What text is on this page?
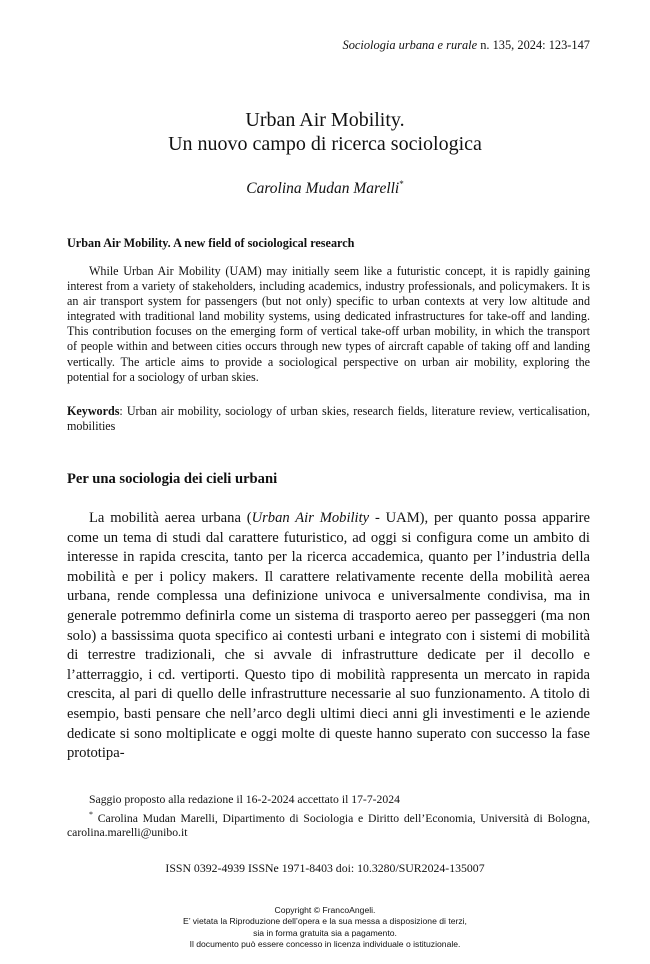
Sociologia urbana e rurale n. 135, 2024: 123-147
Urban Air Mobility.
Un nuovo campo di ricerca sociologica
Carolina Mudan Marelli*
Urban Air Mobility. A new field of sociological research

While Urban Air Mobility (UAM) may initially seem like a futuristic concept, it is rapidly gaining interest from a variety of stakeholders, including academics, industry professionals, and policymakers. It is an air transport system for passengers (but not only) specific to urban contexts at very low altitude and integrated with traditional land mobility systems, using dedicated infrastructures for take-off and landing. This contribution focuses on the emerging form of vertical take-off urban mobility, in which the transport of people within and between cities occurs through new types of aircraft capable of taking off and landing vertically. The article aims to provide a sociological perspective on urban air mobility, exploring the potential for a sociology of urban skies.

Keywords: Urban air mobility, sociology of urban skies, research fields, literature review, verticalisation, mobilities

Per una sociologia dei cieli urbani

La mobilità aerea urbana (Urban Air Mobility - UAM), per quanto possa apparire come un tema di studi dal carattere futuristico, ad oggi si configura come un ambito di interesse in rapida crescita, tanto per la ricerca accademica, quanto per l’industria della mobilità e per i policy makers. Il carattere relativamente recente della mobilità aerea urbana, rende complessa una definizione univoca e universalmente condivisa, ma in generale potremmo definirla come un sistema di trasporto aereo per passeggeri (ma non solo) a bassissima quota specifico ai contesti urbani e integrato con i sistemi di mobilità di terrestre tradizionali, che si avvale di infrastrutture dedicate per il decollo e l’atterraggio, i cd. vertiporti. Questo tipo di mobilità rappresenta un mercato in rapida crescita, al pari di quello delle infrastrutture necessarie al suo funzionamento. A titolo di esempio, basti pensare che nell’arco degli ultimi dieci anni gli investimenti e le aziende dedicate si sono moltiplicate e oggi molte di queste hanno superato con successo la fase prototipa-

Saggio proposto alla redazione il 16-2-2024 accettato il 17-7-2024
* Carolina Mudan Marelli, Dipartimento di Sociologia e Diritto dell’Economia, Università di Bologna, carolina.marelli@unibo.it
ISSN 0392-4939 ISSNe 1971-8403 doi: 10.3280/SUR2024-135007
Copyright © FrancoAngeli.
E’ vietata la Riproduzione dell’opera e la sua messa a disposizione di terzi,
sia in forma gratuita sia a pagamento.
Il documento può essere concesso in licenza individuale o istituzionale.
